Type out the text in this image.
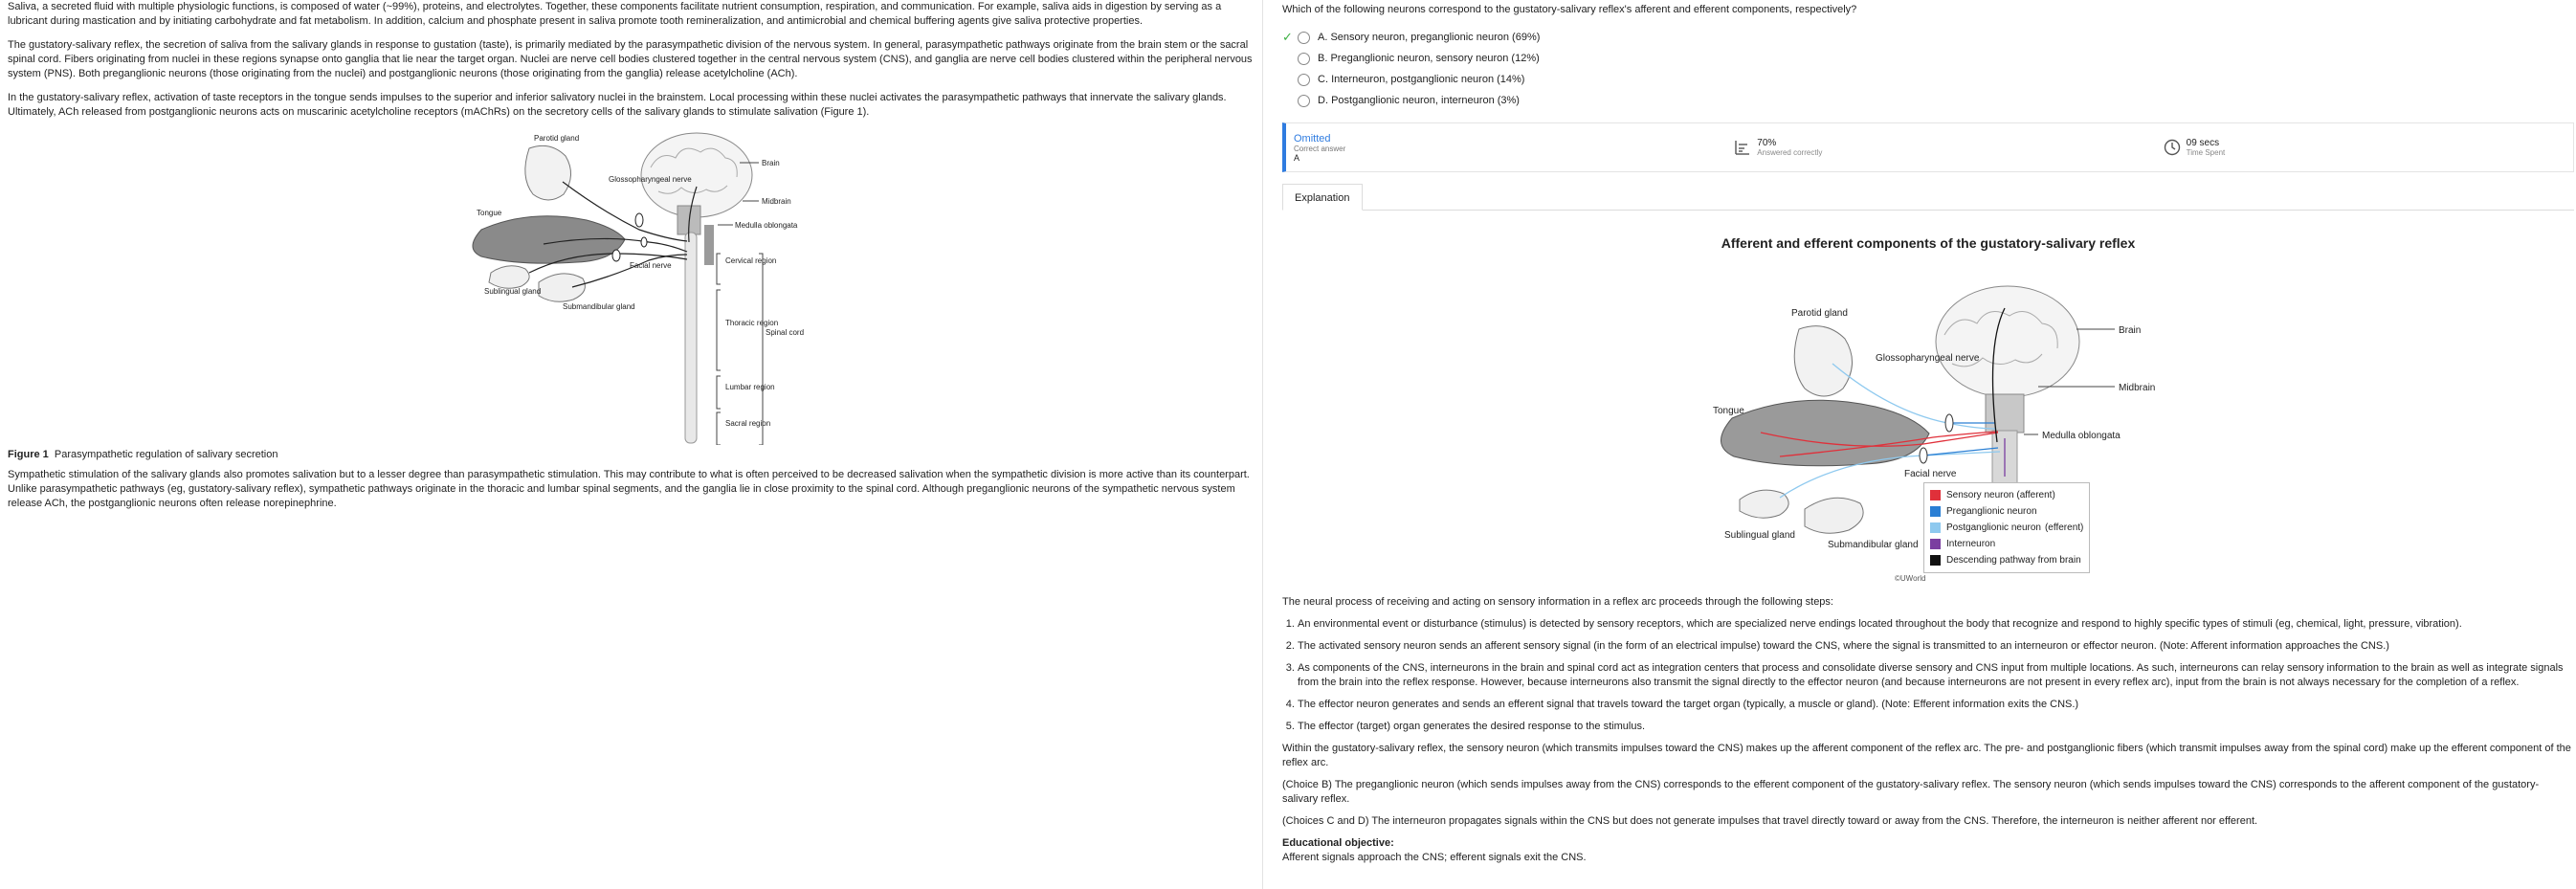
Saliva, a secreted fluid with multiple physiologic functions, is composed of water (~99%), proteins, and electrolytes. Together, these components facilitate nutrient consumption, respiration, and communication. For example, saliva aids in digestion by serving as a lubricant during mastication and by initiating carbohydrate and fat metabolism. In addition, calcium and phosphate present in saliva promote tooth remineralization, and antimicrobial and chemical buffering agents give saliva protective properties.

The gustatory-salivary reflex, the secretion of saliva from the salivary glands in response to gustation (taste), is primarily mediated by the parasympathetic division of the nervous system. In general, parasympathetic pathways originate from the brain stem or the sacral spinal cord. Fibers originating from nuclei in these regions synapse onto ganglia that lie near the target organ. Nuclei are nerve cell bodies clustered together in the central nervous system (CNS), and ganglia are nerve cell bodies clustered within the peripheral nervous system (PNS). Both preganglionic neurons (those originating from the nuclei) and postganglionic neurons (those originating from the ganglia) release acetylcholine (ACh).

In the gustatory-salivary reflex, activation of taste receptors in the tongue sends impulses to the superior and inferior salivatory nuclei in the brainstem. Local processing within these nuclei activates the parasympathetic pathways that innervate the salivary glands. Ultimately, ACh released from postganglionic neurons acts on muscarinic acetylcholine receptors (mAChRs) on the secretory cells of the salivary glands to stimulate salivation (Figure 1).

Parotid gland
Glossopharyngeal nerve
Tongue
Facial nerve
Sublingual gland
Submandibular gland
Brain
Midbrain
Medulla oblongata
Cervical region
Thoracic region
Spinal cord
Lumbar region
Sacral region

Figure 1 Parasympathetic regulation of salivary secretion

Sympathetic stimulation of the salivary glands also promotes salivation but to a lesser degree than parasympathetic stimulation. This may contribute to what is often perceived to be decreased salivation when the sympathetic division is more active than its counterpart. Unlike parasympathetic pathways (eg, gustatory-salivary reflex), sympathetic pathways originate in the thoracic and lumbar spinal segments, and the ganglia lie in close proximity to the spinal cord. Although preganglionic neurons of the sympathetic nervous system release ACh, the postganglionic neurons often release norepinephrine.

Which of the following neurons correspond to the gustatory-salivary reflex's afferent and efferent components, respectively?

✓	A.
Sensory neuron, preganglionic neuron (69%)
B.
Preganglionic neuron, sensory neuron (12%)
C.
Interneuron, postganglionic neuron (14%)
D.
Postganglionic neuron, interneuron (3%)
Omitted
Correct answer
A
70%
Answered correctly
09 secs
Time Spent
Explanation
Afferent and efferent components of the gustatory-salivary reflex
Parotid gland
Glossopharyngeal nerve
Tongue
Facial nerve
Sublingual gland
Submandibular gland
Brain
Midbrain
Medulla oblongata
©UWorld
Sensory neuron (afferent)
Preganglionic neuron
Postganglionic neuron (efferent)
Interneuron
Descending pathway from brain

The neural process of receiving and acting on sensory information in a reflex arc proceeds through the following steps:

1. An environmental event or disturbance (stimulus) is detected by sensory receptors, which are specialized nerve endings located throughout the body that recognize and respond to highly specific types of stimuli (eg, chemical, light, pressure, vibration).
2. The activated sensory neuron sends an afferent sensory signal (in the form of an electrical impulse) toward the CNS, where the signal is transmitted to an interneuron or effector neuron. (Note: Afferent information approaches the CNS.)
3. As components of the CNS, interneurons in the brain and spinal cord act as integration centers that process and consolidate diverse sensory and CNS input from multiple locations. As such, interneurons can relay sensory information to the brain as well as integrate signals from the brain into the reflex response. However, because interneurons also transmit the signal directly to the effector neuron (and because interneurons are not present in every reflex arc), input from the brain is not always necessary for the completion of a reflex.
4. The effector neuron generates and sends an efferent signal that travels toward the target organ (typically, a muscle or gland). (Note: Efferent information exits the CNS.)
5. The effector (target) organ generates the desired response to the stimulus.

Within the gustatory-salivary reflex, the sensory neuron (which transmits impulses toward the CNS) makes up the afferent component of the reflex arc. The pre- and postganglionic fibers (which transmit impulses away from the spinal cord) make up the efferent component of the reflex arc.

(Choice B) The preganglionic neuron (which sends impulses away from the CNS) corresponds to the efferent component of the gustatory-salivary reflex. The sensory neuron (which sends impulses toward the CNS) corresponds to the afferent component of the gustatory-salivary reflex.

(Choices C and D) The interneuron propagates signals within the CNS but does not generate impulses that travel directly toward or away from the CNS. Therefore, the interneuron is neither afferent nor efferent.

Educational objective:

Afferent signals approach the CNS; efferent signals exit the CNS.
